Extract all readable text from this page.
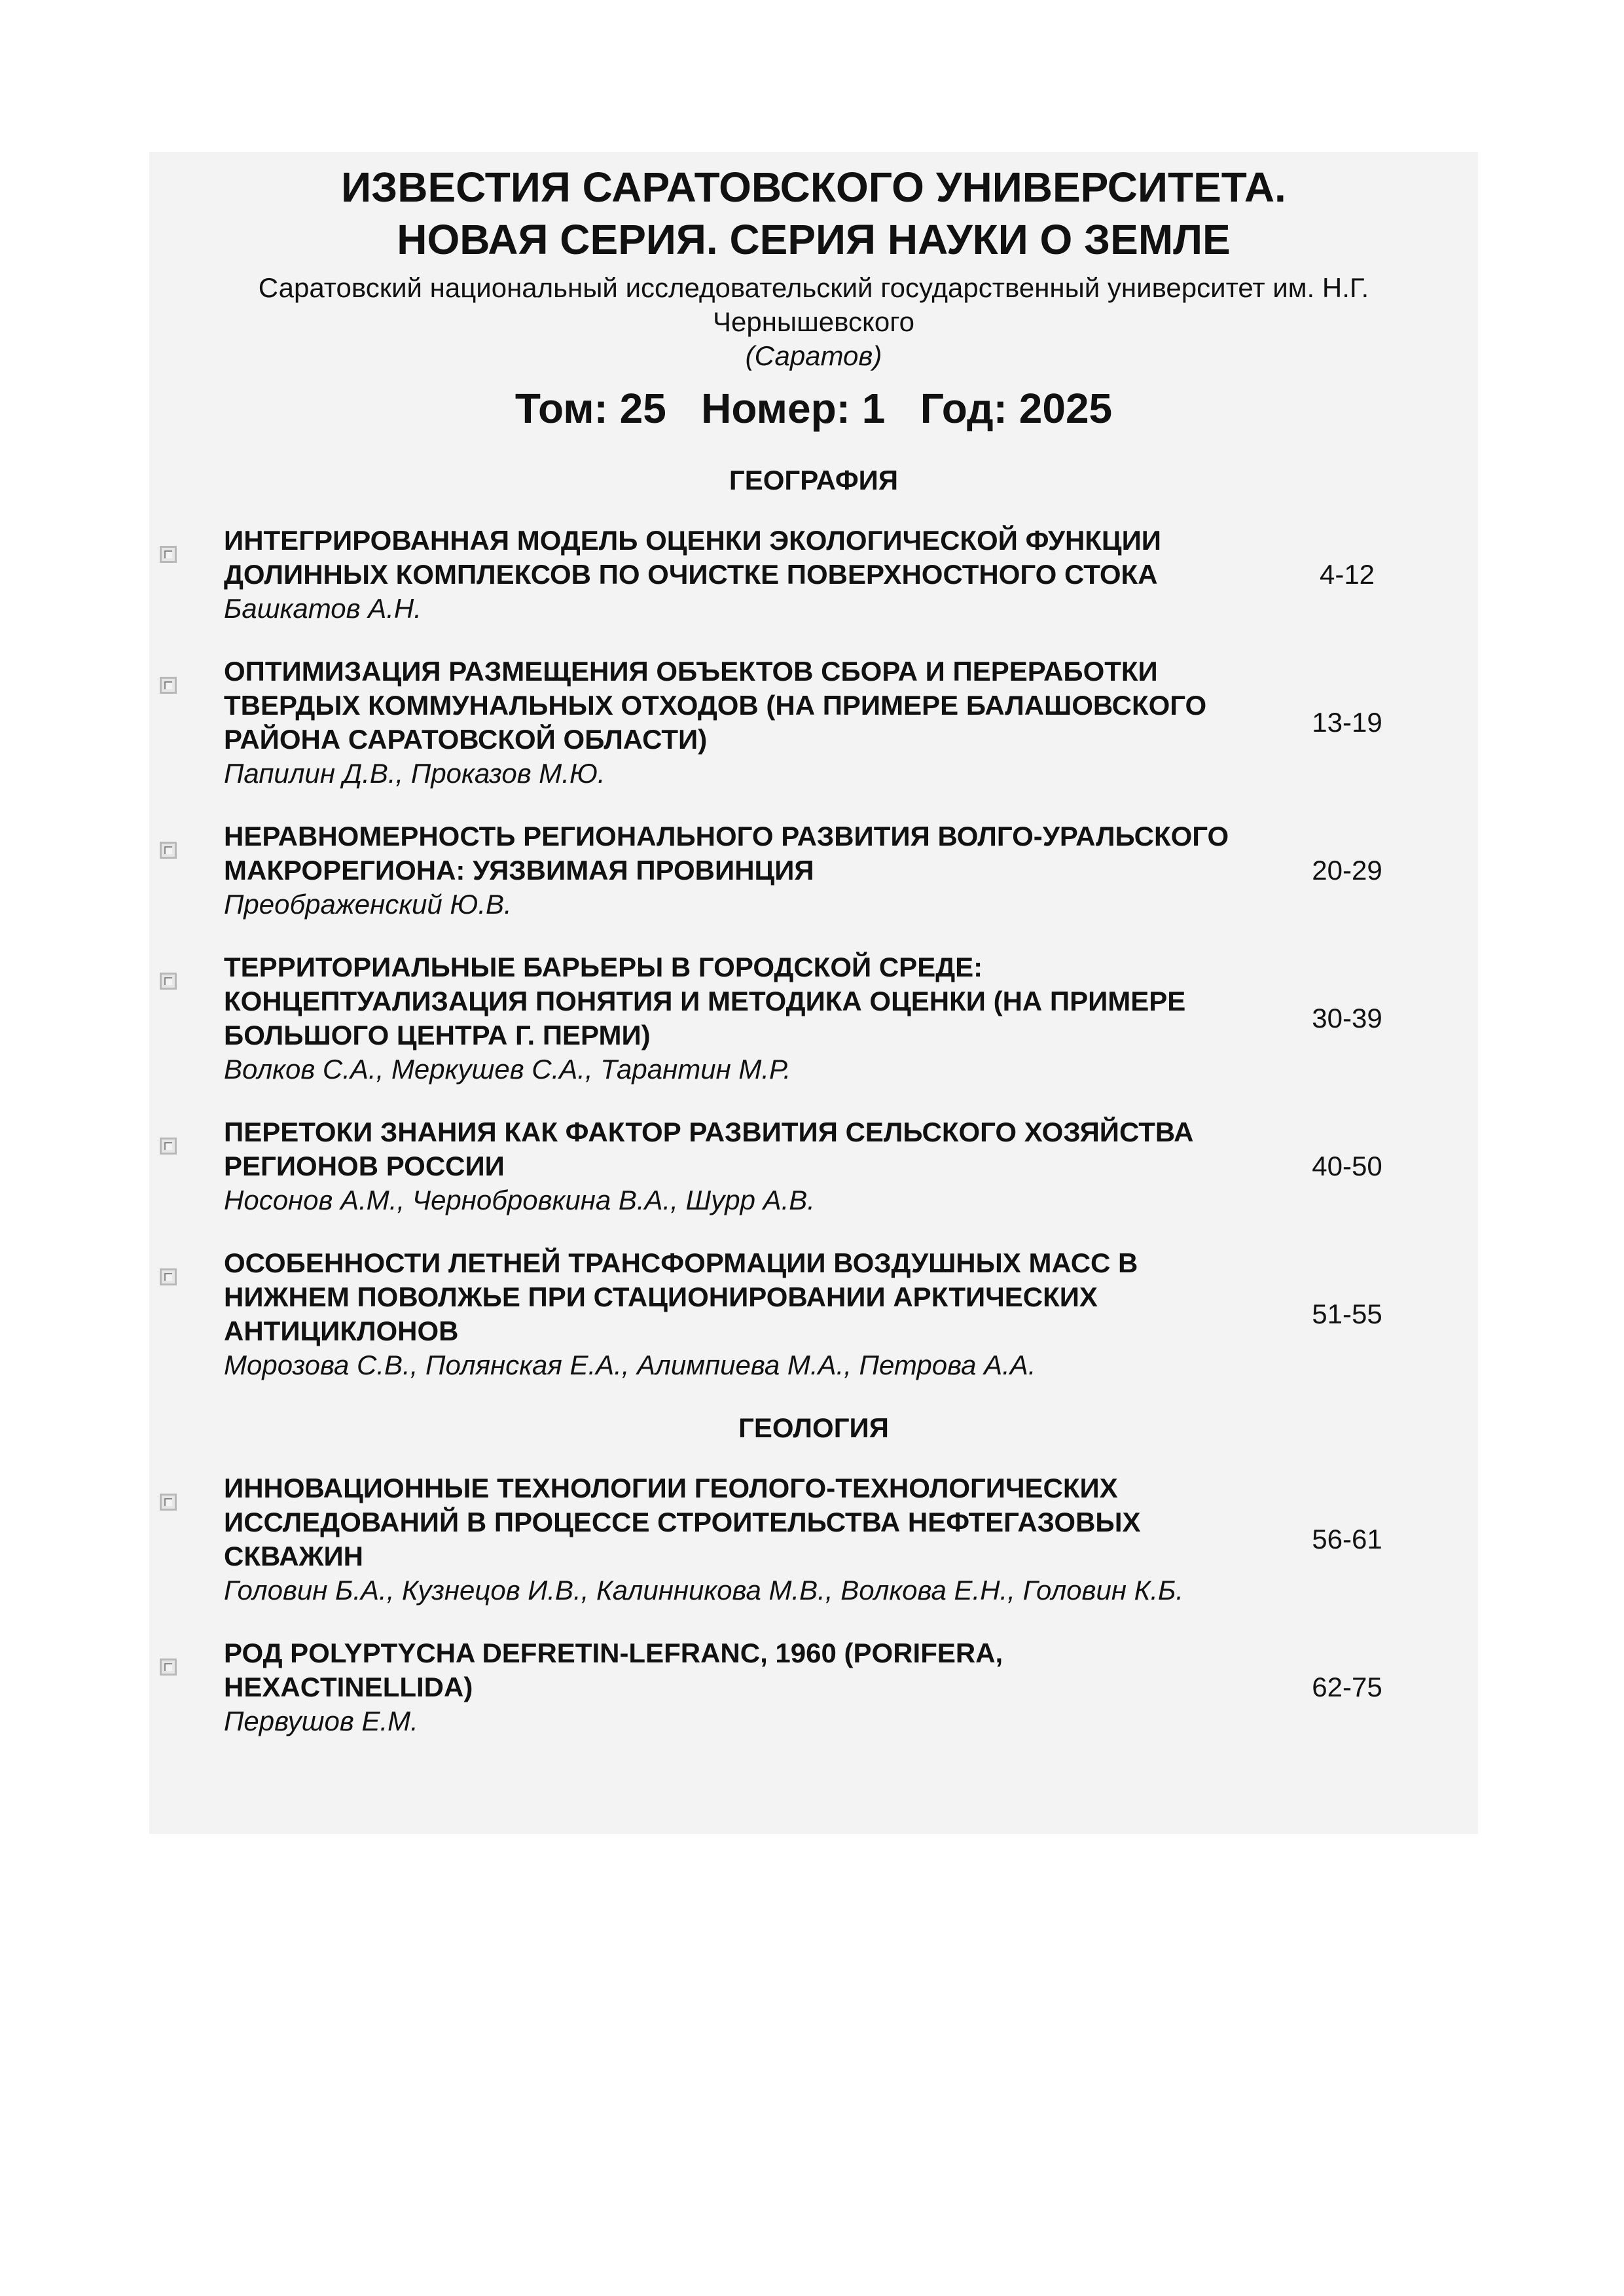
ИЗВЕСТИЯ САРАТОВСКОГО УНИВЕРСИТЕТА.
НОВАЯ СЕРИЯ. СЕРИЯ НАУКИ О ЗЕМЛЕ
Саратовский национальный исследовательский государственный университет им. Н.Г. Чернышевского
(Саратов)
Том: 25 Номер: 1 Год: 2025
ГЕОГРАФИЯ
ИНТЕГРИРОВАННАЯ МОДЕЛЬ ОЦЕНКИ ЭКОЛОГИЧЕСКОЙ ФУНКЦИИ ДОЛИННЫХ КОМПЛЕКСОВ ПО ОЧИСТКЕ ПОВЕРХНОСТНОГО СТОКА
Башкатов А.Н.
4-12
ОПТИМИЗАЦИЯ РАЗМЕЩЕНИЯ ОБЪЕКТОВ СБОРА И ПЕРЕРАБОТКИ ТВЕРДЫХ КОММУНАЛЬНЫХ ОТХОДОВ (НА ПРИМЕРЕ БАЛАШОВСКОГО РАЙОНА САРАТОВСКОЙ ОБЛАСТИ)
Папилин Д.В., Проказов М.Ю.
13-19
НЕРАВНОМЕРНОСТЬ РЕГИОНАЛЬНОГО РАЗВИТИЯ ВОЛГО-УРАЛЬСКОГО МАКРОРЕГИОНА: УЯЗВИМАЯ ПРОВИНЦИЯ
Преображенский Ю.В.
20-29
ТЕРРИТОРИАЛЬНЫЕ БАРЬЕРЫ В ГОРОДСКОЙ СРЕДЕ: КОНЦЕПТУАЛИЗАЦИЯ ПОНЯТИЯ И МЕТОДИКА ОЦЕНКИ (НА ПРИМЕРЕ БОЛЬШОГО ЦЕНТРА Г. ПЕРМИ)
Волков С.А., Меркушев С.А., Тарантин М.Р.
30-39
ПЕРЕТОКИ ЗНАНИЯ КАК ФАКТОР РАЗВИТИЯ СЕЛЬСКОГО ХОЗЯЙСТВА РЕГИОНОВ РОССИИ
Носонов А.М., Чернобровкина В.А., Шурр А.В.
40-50
ОСОБЕННОСТИ ЛЕТНЕЙ ТРАНСФОРМАЦИИ ВОЗДУШНЫХ МАСС В НИЖНЕМ ПОВОЛЖЬЕ ПРИ СТАЦИОНИРОВАНИИ АРКТИЧЕСКИХ АНТИЦИКЛОНОВ
Морозова С.В., Полянская Е.А., Алимпиева М.А., Петрова А.А.
51-55
ГЕОЛОГИЯ
ИННОВАЦИОННЫЕ ТЕХНОЛОГИИ ГЕОЛОГО-ТЕХНОЛОГИЧЕСКИХ ИССЛЕДОВАНИЙ В ПРОЦЕССЕ СТРОИТЕЛЬСТВА НЕФТЕГАЗОВЫХ СКВАЖИН
Головин Б.А., Кузнецов И.В., Калинникова М.В., Волкова Е.Н., Головин К.Б.
56-61
РОД POLYPTYCHA DEFRETIN-LEFRANC, 1960 (PORIFERA, HEXACTINELLIDA)
Первушов Е.М.
62-75
